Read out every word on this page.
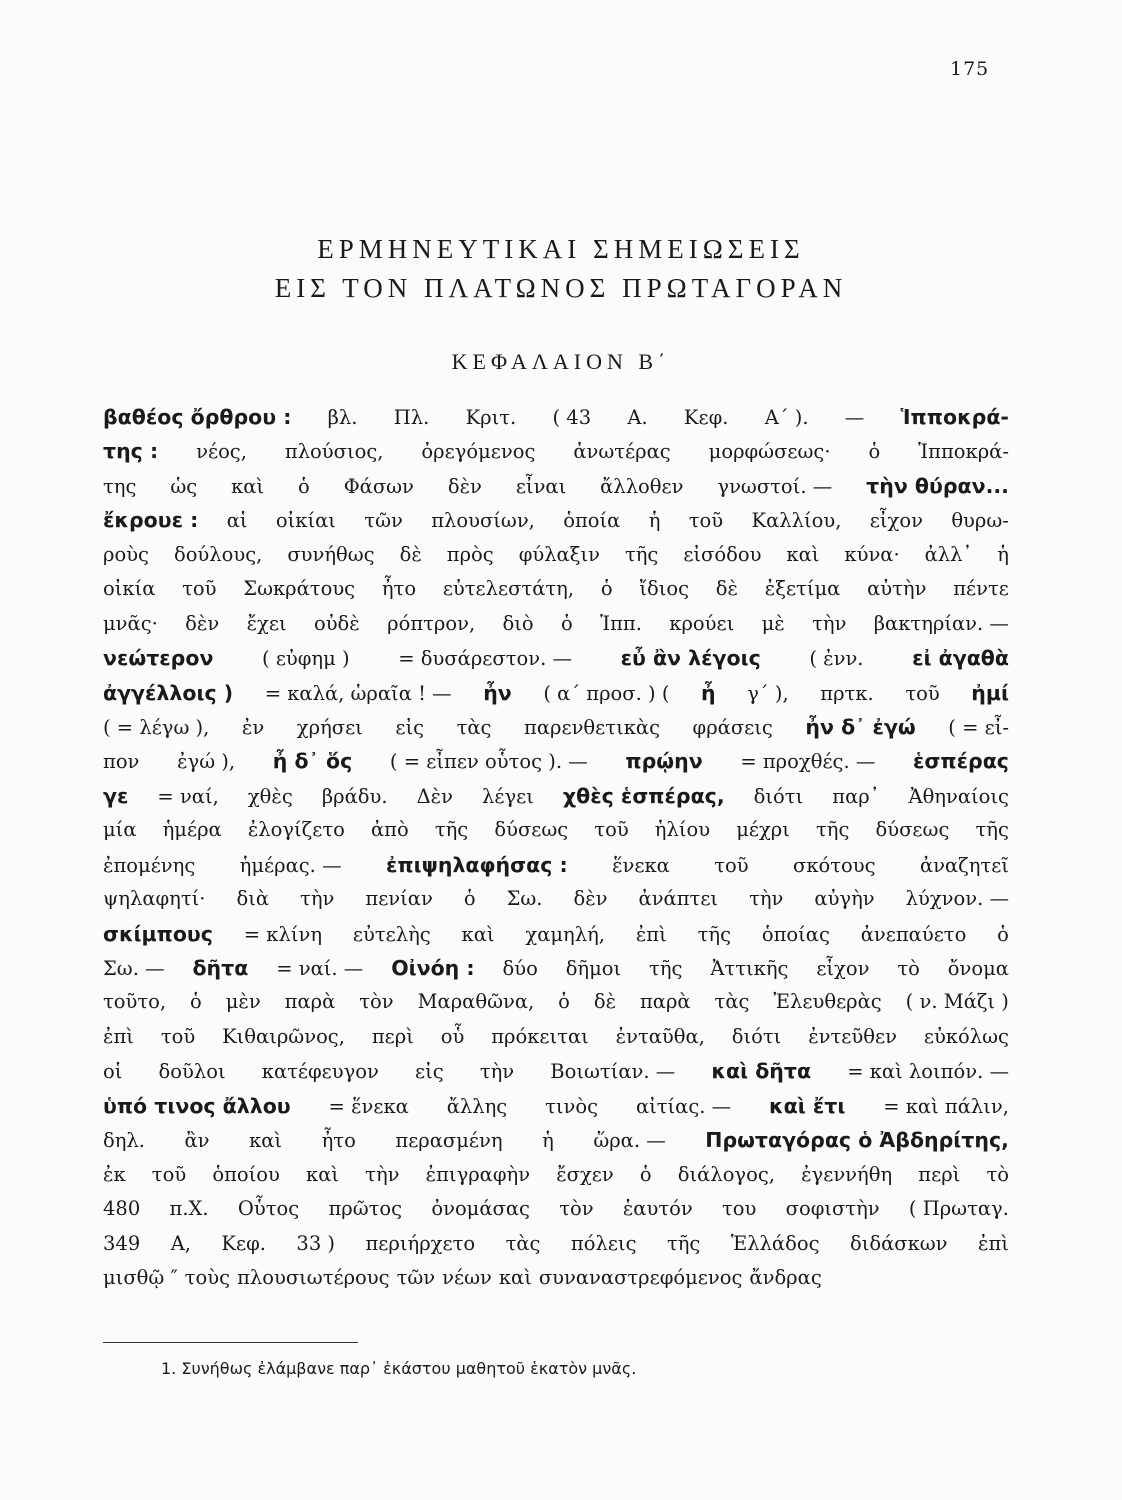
175
ΕΡΜΗΝΕΥΤΙΚΑΙ ΣΗΜΕΙΩΣΕΙΣ
ΕΙΣ ΤΟΝ ΠΛΑΤΩΝΟΣ ΠΡΩΤΑΓΟΡΑΝ
ΚΕΦΑΛΑΙΟΝ Β΄
βαθέος ὄρθρου : βλ. Πλ. Κριτ. ( 43 Α. Κεφ. Α΄ ). — Ἱπποκρά-
της : νέος, πλούσιος, ὀρεγόμενος ἀνωτέρας μορφώσεως· ὁ Ἱπποκρά-
της ὡς καὶ ὁ Φάσων δὲν εἶναι ἄλλοθεν γνωστοί. — τὴν θύραν...
ἔκρουε : αἱ οἰκίαι τῶν πλουσίων, ὁποία ἡ τοῦ Καλλίου, εἶχον θυρω-
ροὺς δούλους, συνήθως δὲ πρὸς φύλαξιν τῆς εἰσόδου καὶ κύνα· ἀλλ᾿ ἡ
οἰκία τοῦ Σωκράτους ἦτο εὐτελεστάτη, ὁ ἴδιος δὲ ἐξετίμα αὐτὴν πέντε
μνᾶς· δὲν ἔχει οὐδὲ ρόπτρον, διὸ ὁ Ἱππ. κρούει μὲ τὴν βακτηρίαν. —
νεώτερον ( εὐφημ ) = δυσάρεστον. — εὖ ἂν λέγοις ( ἐνν. εἰ ἀγαθὰ
ἀγγέλλοις ) = καλά, ὡραῖα ! — ἦν ( α΄ προσ. ) ( ἦ γ΄ ), πρτκ. τοῦ ἠμί
( = λέγω ), ἐν χρήσει εἰς τὰς παρενθετικὰς φράσεις ἦν δ᾿ ἐγώ ( = εἶ-
πον ἐγώ ), ἦ δ᾿ ὅς ( = εἶπεν οὗτος ). — πρῴην = προχθές. — ἑσπέρας
γε = ναί, χθὲς βράδυ. Δὲν λέγει χθὲς ἑσπέρας, διότι παρ᾿ Ἀθηναίοις
μία ἡμέρα ἐλογίζετο ἀπὸ τῆς δύσεως τοῦ ἡλίου μέχρι τῆς δύσεως τῆς
ἐπομένης ἡμέρας. — ἐπιψηλαφήσας : ἕνεκα τοῦ σκότους ἀναζητεῖ
ψηλαφητί· διὰ τὴν πενίαν ὁ Σω. δὲν ἀνάπτει τὴν αὐγὴν λύχνον. —
σκίμπους = κλίνη εὐτελὴς καὶ χαμηλή, ἐπὶ τῆς ὁποίας ἀνεπαύετο ὁ
Σω. — δῆτα = ναί. — Οἰνόη : δύο δῆμοι τῆς Ἀττικῆς εἶχον τὸ ὄνομα
τοῦτο, ὁ μὲν παρὰ τὸν Μαραθῶνα, ὁ δὲ παρὰ τὰς Ἐλευθερὰς ( ν. Μάζι )
ἐπὶ τοῦ Κιθαιρῶνος, περὶ οὗ πρόκειται ἐνταῦθα, διότι ἐντεῦθεν εὐκόλως
οἱ δοῦλοι κατέφευγον εἰς τὴν Βοιωτίαν. — καὶ δῆτα = καὶ λοιπόν. —
ὑπό τινος ἄλλου = ἕνεκα ἄλλης τινὸς αἰτίας. — καὶ ἔτι = καὶ πάλιν,
δηλ. ἂν καὶ ἦτο περασμένη ἡ ὥρα. — Πρωταγόρας ὁ Ἀβδηρίτης,
ἐκ τοῦ ὁποίου καὶ τὴν ἐπιγραφὴν ἔσχεν ὁ διάλογος, ἐγεννήθη περὶ τὸ
480 π.Χ. Οὗτος πρῶτος ὀνομάσας τὸν ἑαυτόν του σοφιστὴν ( Πρωταγ.
349 Α, Κεφ. 33 ) περιήρχετο τὰς πόλεις τῆς Ἑλλάδος διδάσκων ἐπὶ
μισθῷ ″ τοὺς πλουσιωτέρους τῶν νέων καὶ συναναστρεφόμενος ἄνδρας
1. Συνήθως ἐλάμβανε παρ᾿ ἑκάστου μαθητοῦ ἑκατὸν μνᾶς.
